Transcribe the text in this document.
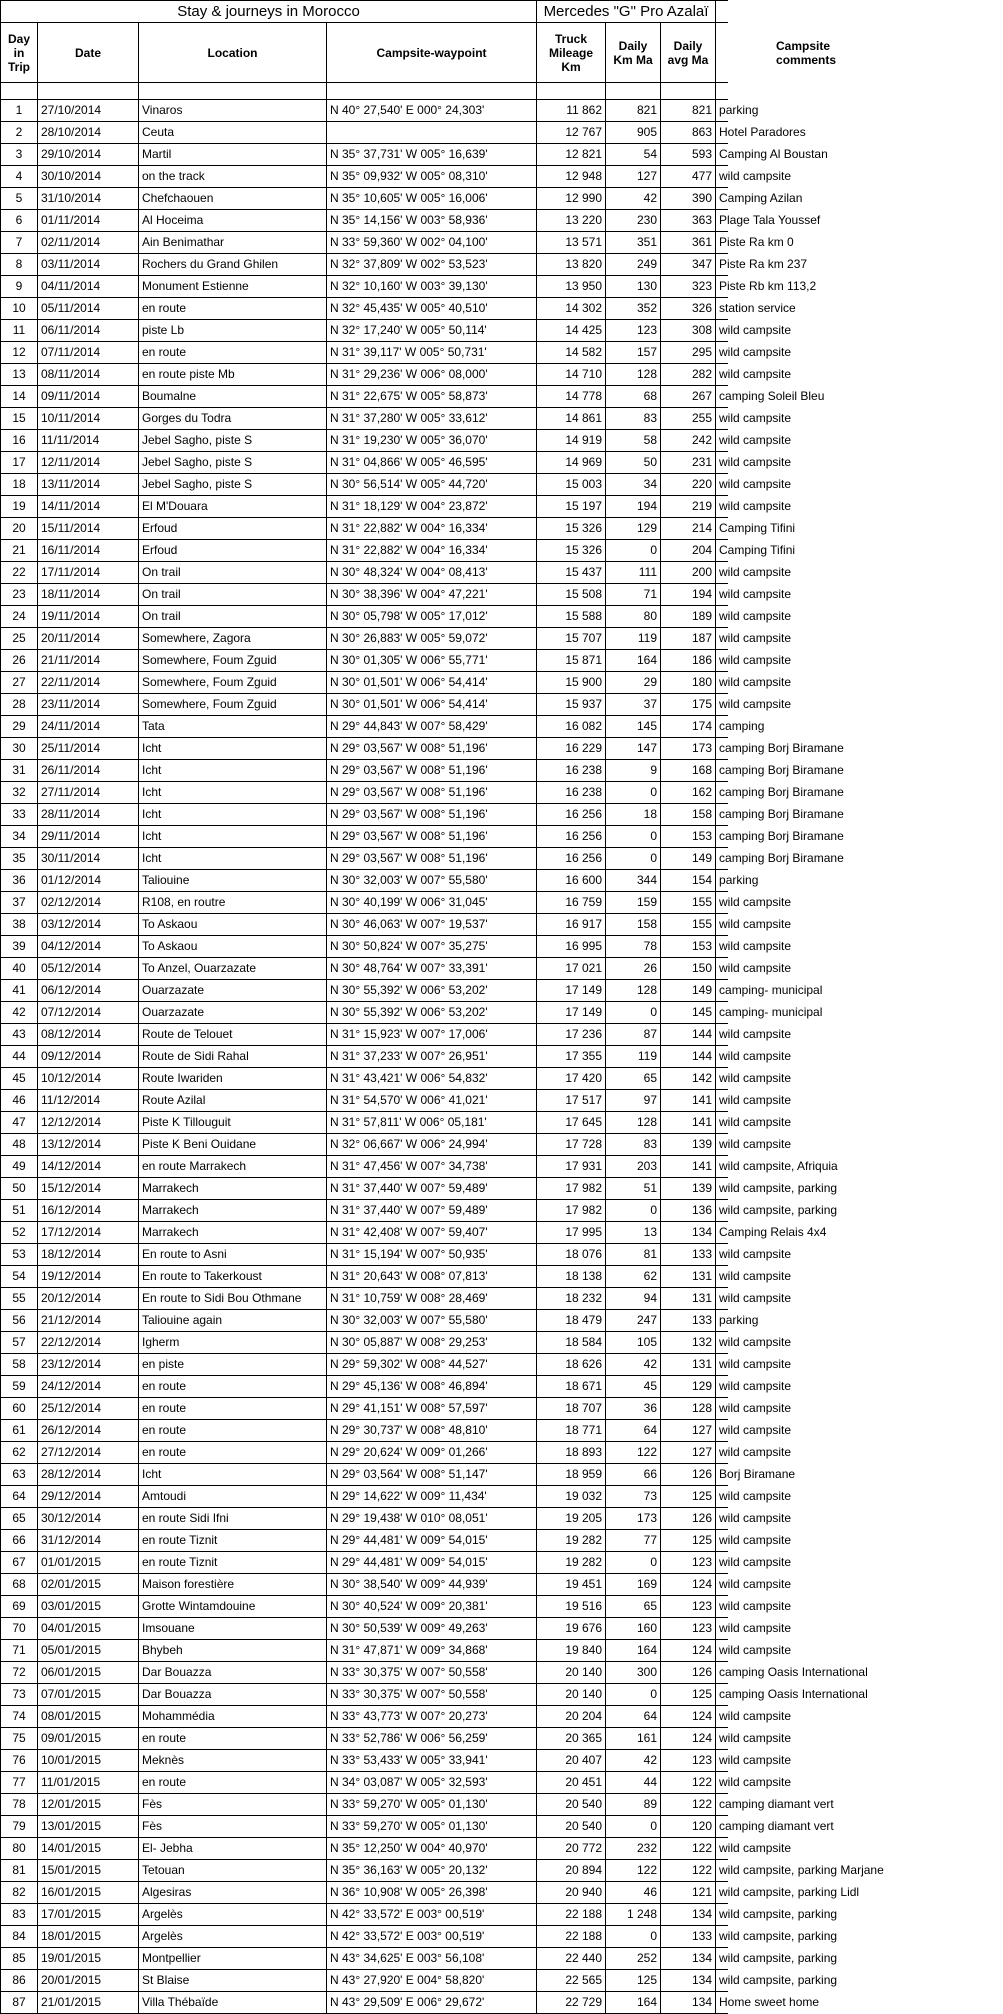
Stay & journeys in Morocco				Mercedes "G" Pro Azalaï			
Day in Trip	Date	Location	Campsite-waypoint	Truck Mileage Km	Daily Km Ma	Daily avg Ma	Campsite comments

1	27/10/2014	Vinaros	N 40° 27,540' E 000° 24,303'	11 862	821	821	parking
2	28/10/2014	Ceuta		12 767	905	863	Hotel Paradores
3	29/10/2014	Martil	N 35° 37,731' W 005° 16,639'	12 821	54	593	Camping Al Boustan
4	30/10/2014	on the track	N 35° 09,932' W 005° 08,310'	12 948	127	477	wild campsite
5	31/10/2014	Chefchaouen	N 35° 10,605' W 005° 16,006'	12 990	42	390	Camping Azilan
6	01/11/2014	Al Hoceima	N 35° 14,156' W 003° 58,936'	13 220	230	363	Plage Tala Youssef
7	02/11/2014	Ain Benimathar	N 33° 59,360' W 002° 04,100'	13 571	351	361	Piste Ra km 0
8	03/11/2014	Rochers du Grand Ghilen	N 32° 37,809' W 002° 53,523'	13 820	249	347	Piste Ra km 237
9	04/11/2014	Monument Estienne	N 32° 10,160' W 003° 39,130'	13 950	130	323	Piste Rb km 113,2
10	05/11/2014	en route	N 32° 45,435' W 005° 40,510'	14 302	352	326	station service
11	06/11/2014	piste Lb	N 32° 17,240' W 005° 50,114'	14 425	123	308	wild campsite
12	07/11/2014	en route	N 31° 39,117' W 005° 50,731'	14 582	157	295	wild campsite
13	08/11/2014	en route piste Mb	N 31° 29,236' W 006° 08,000'	14 710	128	282	wild campsite
14	09/11/2014	Boumalne	N 31° 22,675' W 005° 58,873'	14 778	68	267	camping Soleil Bleu
15	10/11/2014	Gorges du Todra	N 31° 37,280' W 005° 33,612'	14 861	83	255	wild campsite
16	11/11/2014	Jebel Sagho, piste S	N 31° 19,230' W 005° 36,070'	14 919	58	242	wild campsite
17	12/11/2014	Jebel Sagho, piste S	N 31° 04,866' W 005° 46,595'	14 969	50	231	wild campsite
18	13/11/2014	Jebel Sagho, piste S	N 30° 56,514' W 005° 44,720'	15 003	34	220	wild campsite
19	14/11/2014	El M'Douara	N 31° 18,129' W 004° 23,872'	15 197	194	219	wild campsite
20	15/11/2014	Erfoud	N 31° 22,882' W 004° 16,334'	15 326	129	214	Camping Tifini
21	16/11/2014	Erfoud	N 31° 22,882' W 004° 16,334'	15 326	0	204	Camping Tifini
22	17/11/2014	On trail	N 30° 48,324' W 004° 08,413'	15 437	111	200	wild campsite
23	18/11/2014	On trail	N 30° 38,396' W 004° 47,221'	15 508	71	194	wild campsite
24	19/11/2014	On trail	N 30° 05,798' W 005° 17,012'	15 588	80	189	wild campsite
25	20/11/2014	Somewhere, Zagora	N 30° 26,883' W 005° 59,072'	15 707	119	187	wild campsite
26	21/11/2014	Somewhere, Foum Zguid	N 30° 01,305' W 006° 55,771'	15 871	164	186	wild campsite
27	22/11/2014	Somewhere, Foum Zguid	N 30° 01,501' W 006° 54,414'	15 900	29	180	wild campsite
28	23/11/2014	Somewhere, Foum Zguid	N 30° 01,501' W 006° 54,414'	15 937	37	175	wild campsite
29	24/11/2014	Tata	N 29° 44,843' W 007° 58,429'	16 082	145	174	camping
30	25/11/2014	Icht	N 29° 03,567' W 008° 51,196'	16 229	147	173	camping Borj Biramane
31	26/11/2014	Icht	N 29° 03,567' W 008° 51,196'	16 238	9	168	camping Borj Biramane
32	27/11/2014	Icht	N 29° 03,567' W 008° 51,196'	16 238	0	162	camping Borj Biramane
33	28/11/2014	Icht	N 29° 03,567' W 008° 51,196'	16 256	18	158	camping Borj Biramane
34	29/11/2014	Icht	N 29° 03,567' W 008° 51,196'	16 256	0	153	camping Borj Biramane
35	30/11/2014	Icht	N 29° 03,567' W 008° 51,196'	16 256	0	149	camping Borj Biramane
36	01/12/2014	Taliouine	N 30° 32,003' W 007° 55,580'	16 600	344	154	parking
37	02/12/2014	R108, en routre	N 30° 40,199' W 006° 31,045'	16 759	159	155	wild campsite
38	03/12/2014	To Askaou	N 30° 46,063' W 007° 19,537'	16 917	158	155	wild campsite
39	04/12/2014	To Askaou	N 30° 50,824' W 007° 35,275'	16 995	78	153	wild campsite
40	05/12/2014	To Anzel, Ouarzazate	N 30° 48,764' W 007° 33,391'	17 021	26	150	wild campsite
41	06/12/2014	Ouarzazate	N 30° 55,392' W 006° 53,202'	17 149	128	149	camping- municipal
42	07/12/2014	Ouarzazate	N 30° 55,392' W 006° 53,202'	17 149	0	145	camping- municipal
43	08/12/2014	Route de Telouet	N 31° 15,923' W 007° 17,006'	17 236	87	144	wild campsite
44	09/12/2014	Route de Sidi Rahal	N 31° 37,233' W 007° 26,951'	17 355	119	144	wild campsite
45	10/12/2014	Route Iwariden	N 31° 43,421' W 006° 54,832'	17 420	65	142	wild campsite
46	11/12/2014	Route Azilal	N 31° 54,570' W 006° 41,021'	17 517	97	141	wild campsite
47	12/12/2014	Piste K Tillouguit	N 31° 57,811' W 006° 05,181'	17 645	128	141	wild campsite
48	13/12/2014	Piste K Beni Ouidane	N 32° 06,667' W 006° 24,994'	17 728	83	139	wild campsite
49	14/12/2014	en route Marrakech	N 31° 47,456' W 007° 34,738'	17 931	203	141	wild campsite, Afriquia
50	15/12/2014	Marrakech	N 31° 37,440' W 007° 59,489'	17 982	51	139	wild campsite, parking
51	16/12/2014	Marrakech	N 31° 37,440' W 007° 59,489'	17 982	0	136	wild campsite, parking
52	17/12/2014	Marrakech	N 31° 42,408' W 007° 59,407'	17 995	13	134	Camping Relais 4x4
53	18/12/2014	En route to Asni	N 31° 15,194' W 007° 50,935'	18 076	81	133	wild campsite
54	19/12/2014	En route to Takerkoust	N 31° 20,643' W 008° 07,813'	18 138	62	131	wild campsite
55	20/12/2014	En route to Sidi Bou Othmane	N 31° 10,759' W 008° 28,469'	18 232	94	131	wild campsite
56	21/12/2014	Taliouine again	N 30° 32,003' W 007° 55,580'	18 479	247	133	parking
57	22/12/2014	Igherm	N 30° 05,887' W 008° 29,253'	18 584	105	132	wild campsite
58	23/12/2014	en piste	N 29° 59,302' W 008° 44,527'	18 626	42	131	wild campsite
59	24/12/2014	en route	N 29° 45,136' W 008° 46,894'	18 671	45	129	wild campsite
60	25/12/2014	en route	N 29° 41,151' W 008° 57,597'	18 707	36	128	wild campsite
61	26/12/2014	en route	N 29° 30,737' W 008° 48,810'	18 771	64	127	wild campsite
62	27/12/2014	en route	N 29° 20,624' W 009° 01,266'	18 893	122	127	wild campsite
63	28/12/2014	Icht	N 29° 03,564' W 008° 51,147'	18 959	66	126	Borj Biramane
64	29/12/2014	Amtoudi	N 29° 14,622' W 009° 11,434'	19 032	73	125	wild campsite
65	30/12/2014	en route Sidi Ifni	N 29° 19,438' W 010° 08,051'	19 205	173	126	wild campsite
66	31/12/2014	en route Tiznit	N 29° 44,481' W 009° 54,015'	19 282	77	125	wild campsite
67	01/01/2015	en route Tiznit	N 29° 44,481' W 009° 54,015'	19 282	0	123	wild campsite
68	02/01/2015	Maison forestière	N 30° 38,540' W 009° 44,939'	19 451	169	124	wild campsite
69	03/01/2015	Grotte Wintamdouine	N 30° 40,524' W 009° 20,381'	19 516	65	123	wild campsite
70	04/01/2015	Imsouane	N 30° 50,539' W 009° 49,263'	19 676	160	123	wild campsite
71	05/01/2015	Bhybeh	N 31° 47,871' W 009° 34,868'	19 840	164	124	wild campsite
72	06/01/2015	Dar Bouazza	N 33° 30,375' W 007° 50,558'	20 140	300	126	camping Oasis International
73	07/01/2015	Dar Bouazza	N 33° 30,375' W 007° 50,558'	20 140	0	125	camping Oasis International
74	08/01/2015	Mohammédia	N 33° 43,773' W 007° 20,273'	20 204	64	124	wild campsite
75	09/01/2015	en route	N 33° 52,786' W 006° 56,259'	20 365	161	124	wild campsite
76	10/01/2015	Meknès	N 33° 53,433' W 005° 33,941'	20 407	42	123	wild campsite
77	11/01/2015	en route	N 34° 03,087' W 005° 32,593'	20 451	44	122	wild campsite
78	12/01/2015	Fès	N 33° 59,270' W 005° 01,130'	20 540	89	122	camping diamant vert
79	13/01/2015	Fès	N 33° 59,270' W 005° 01,130'	20 540	0	120	camping diamant vert
80	14/01/2015	El- Jebha	N 35° 12,250' W 004° 40,970'	20 772	232	122	wild campsite
81	15/01/2015	Tetouan	N 35° 36,163' W 005° 20,132'	20 894	122	122	wild campsite, parking Marjane
82	16/01/2015	Algesiras	N 36° 10,908' W 005° 26,398'	20 940	46	121	wild campsite, parking Lidl
83	17/01/2015	Argelès	N 42° 33,572' E 003° 00,519'	22 188	1 248	134	wild campsite, parking
84	18/01/2015	Argelès	N 42° 33,572' E 003° 00,519'	22 188	0	133	wild campsite, parking
85	19/01/2015	Montpellier	N 43° 34,625' E 003° 56,108'	22 440	252	134	wild campsite, parking
86	20/01/2015	St Blaise	N 43° 27,920' E 004° 58,820'	22 565	125	134	wild campsite, parking
87	21/01/2015	Villa Thébaïde	N 43° 29,509' E 006° 29,672'	22 729	164	134	Home sweet home
